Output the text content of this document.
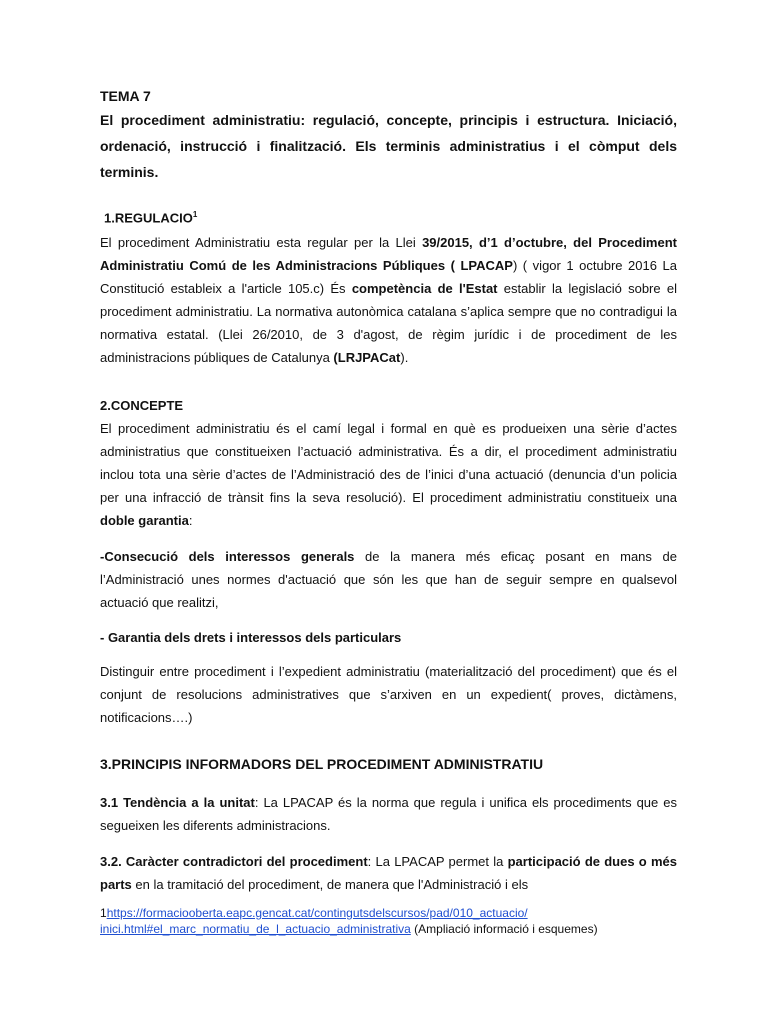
TEMA 7
El procediment administratiu: regulació, concepte, principis i estructura. Iniciació, ordenació, instrucció i finalització. Els terminis administratius i el còmput dels terminis.
1.REGULACIO$^1$
El procediment Administratiu esta regular per la Llei 39/2015, d’1 d’octubre, del Procediment Administratiu Comú de les Administracions Públiques ( LPACAP) ( vigor 1 octubre 2016 La Constitució estableix a l'article 105.c) És competència de l'Estat establir la legislació sobre el procediment administratiu. La normativa autonòmica catalana s’aplica sempre que no contradigui la normativa estatal. (Llei 26/2010, de 3 d'agost, de règim jurídic i de procediment de les administracions públiques de Catalunya (LRJPACat).
2.CONCEPTE
El procediment administratiu és el camí legal i formal en què es produeixen una sèrie d’actes administratius que constitueixen l’actuació administrativa. És a dir, el procediment administratiu inclou tota una sèrie d’actes de l’Administració des de l’inici d’una actuació (denuncia d’un policia per una infracció de trànsit fins la seva resolució). El procediment administratiu constitueix una doble garantia:
-Consecució dels interessos generals de la manera més eficaç posant en mans de l’Administració unes normes d'actuació que són les que han de seguir sempre en qualsevol actuació que realitzi,
- Garantia dels drets i interessos dels particulars
Distinguir entre procediment i l’expedient administratiu (materialització del procediment) que és el conjunt de resolucions administratives que s’arxiven en un expedient( proves, dictàmens, notificacions….)
3.PRINCIPIS INFORMADORS DEL PROCEDIMENT ADMINISTRATIU
3.1 Tendència a la unitat: La LPACAP és la norma que regula i unifica els procediments que es segueixen les diferents administracions.
3.2. Caràcter contradictori del procediment: La LPACAP permet la participació de dues o més parts en la tramitació del procediment, de manera que l'Administració i els
1https://formaciooberta.eapc.gencat.cat/contingutsdelscursos/pad/010_actuacio/
inici.html#el_marc_normatiu_de_l_actuacio_administrativa (Ampliació informació i esquemes)
